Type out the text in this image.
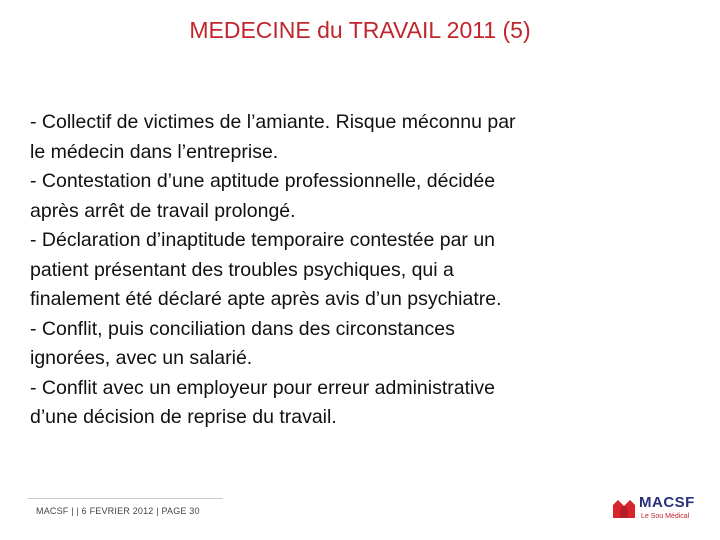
MEDECINE du TRAVAIL 2011 (5)
- Collectif de victimes de l’amiante. Risque méconnu par
le médecin dans l’entreprise.
- Contestation d’une aptitude professionnelle, décidée
après arrêt de travail prolongé.
- Déclaration d’inaptitude temporaire contestée par un
patient présentant des troubles psychiques, qui a
finalement été déclaré apte après avis d’un psychiatre.
- Conflit, puis conciliation dans des circonstances
ignorées, avec un salarié.
- Conflit avec un employeur pour erreur administrative
d’une décision de reprise du travail.
MACSF | | 6 FEVRIER 2012 | PAGE 30	MACSF
Le Sou Médical
